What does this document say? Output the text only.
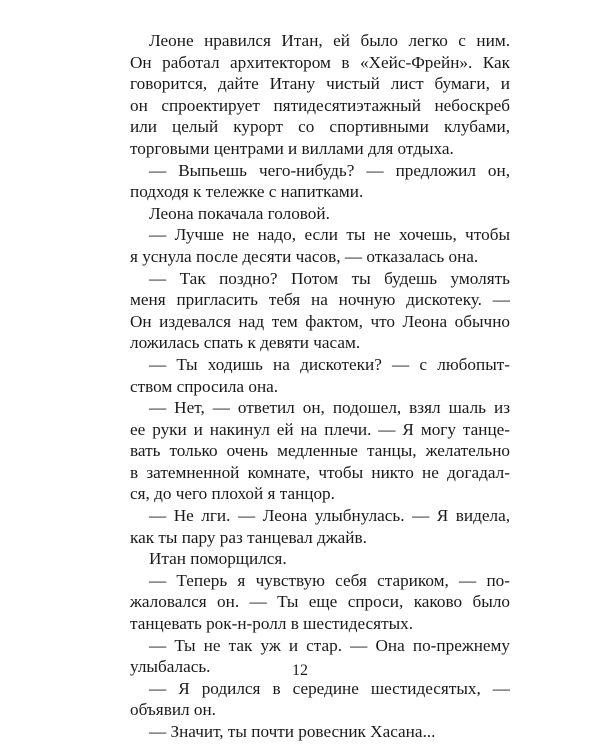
Леоне нравился Итан, ей было легко с ним.
Он работал архитектором в «Хейс-Фрейн». Как
говорится, дайте Итану чистый лист бумаги, и
он спроектирует пятидесятиэтажный небоскреб
или целый курорт со спортивными клубами,
торговыми центрами и виллами для отдыха.
— Выпьешь чего-нибудь? — предложил он,
подходя к тележке с напитками.
Леона покачала головой.
— Лучше не надо, если ты не хочешь, чтобы
я уснула после десяти часов, — отказалась она.
— Так поздно? Потом ты будешь умолять
меня пригласить тебя на ночную дискотеку. —
Он издевался над тем фактом, что Леона обычно
ложилась спать к девяти часам.
— Ты ходишь на дискотеки? — с любопыт-
ством спросила она.
— Нет, — ответил он, подошел, взял шаль из
ее руки и накинул ей на плечи. — Я могу танце-
вать только очень медленные танцы, желательно
в затемненной комнате, чтобы никто не догадал-
ся, до чего плохой я танцор.
— Не лги. — Леона улыбнулась. — Я видела,
как ты пару раз танцевал джайв.
Итан поморщился.
— Теперь я чувствую себя стариком, — по-
жаловался он. — Ты еще спроси, каково было
танцевать рок-н-ролл в шестидесятых.
— Ты не так уж и стар. — Она по-прежнему
улыбалась.
— Я родился в середине шестидесятых, —
объявил он.
— Значит, ты почти ровесник Хасана...
12
